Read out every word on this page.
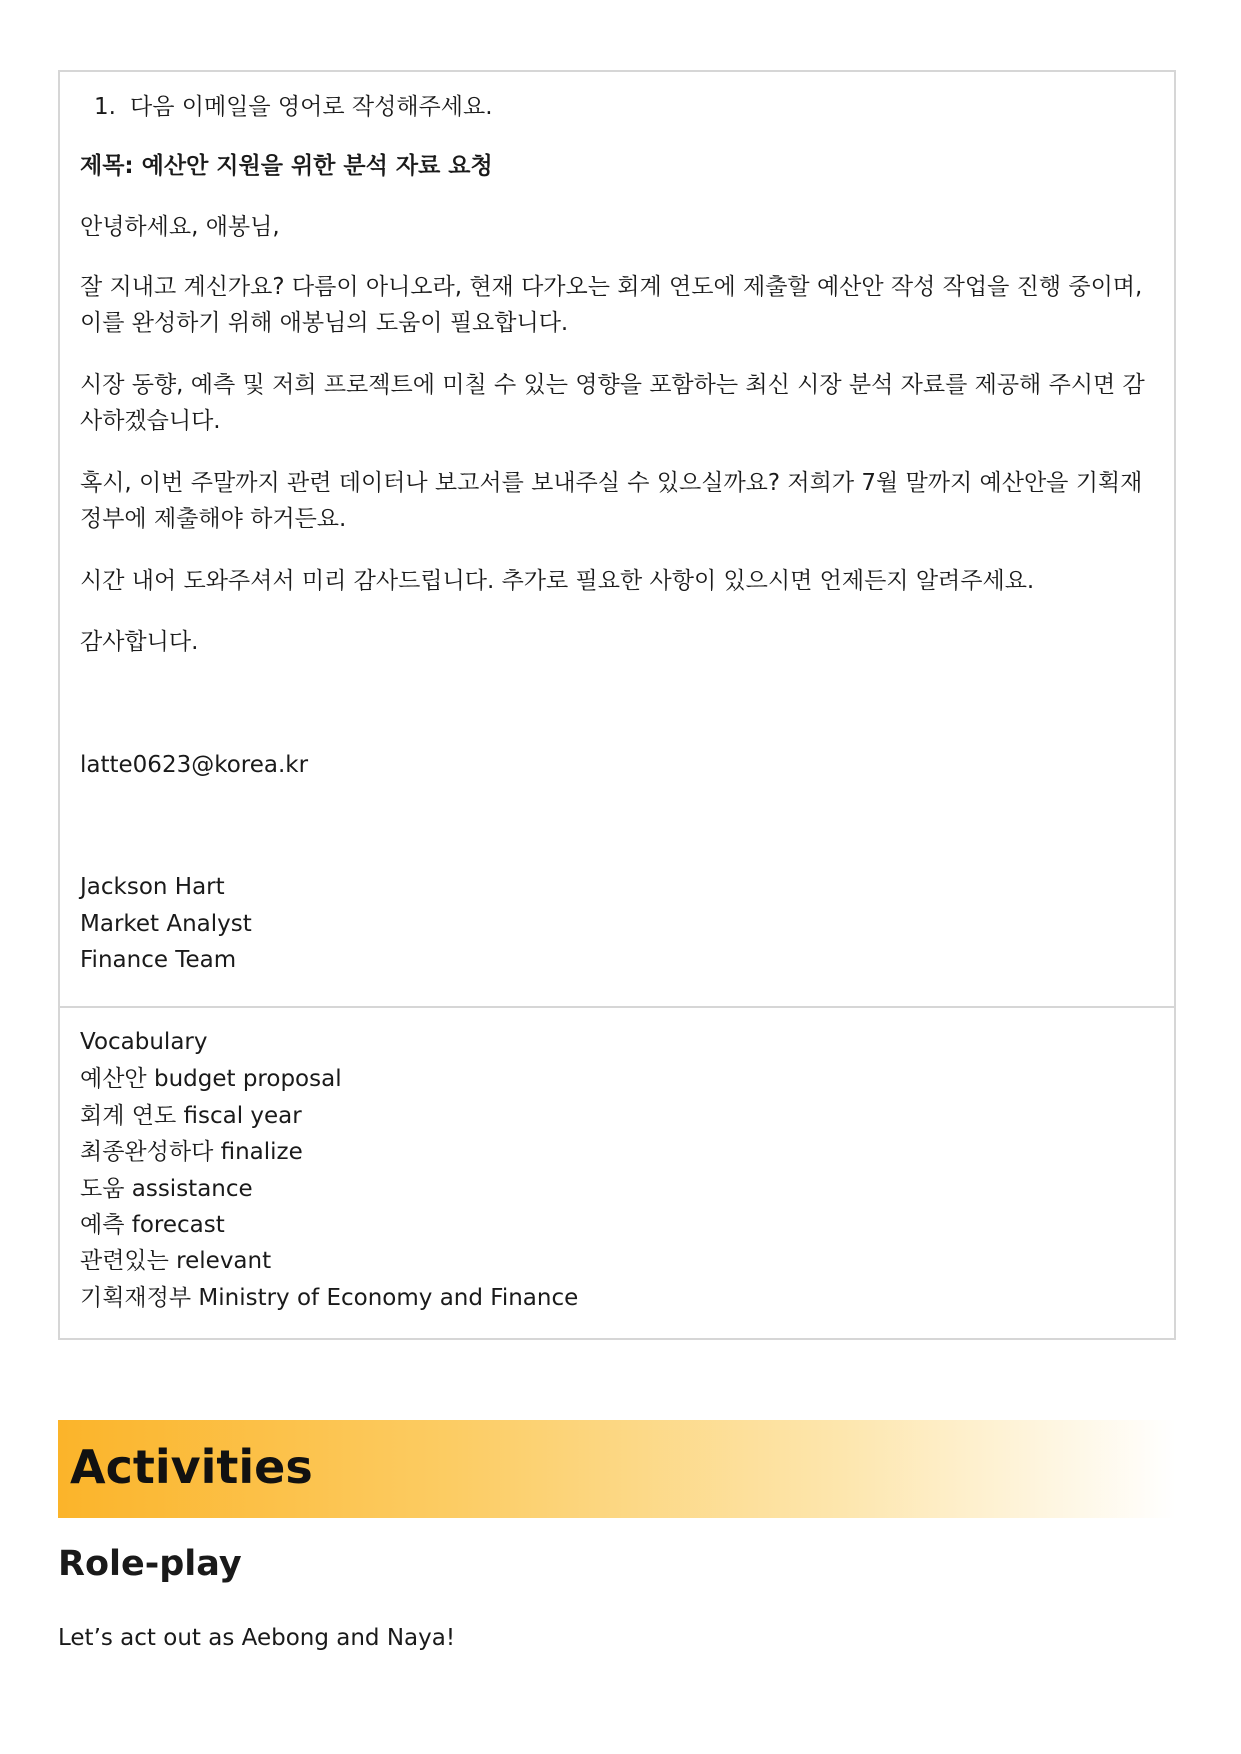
1. 다음 이메일을 영어로 작성해주세요.

제목: 예산안 지원을 위한 분석 자료 요청

안녕하세요, 애봉님,

잘 지내고 계신가요? 다름이 아니오라, 현재 다가오는 회계 연도에 제출할 예산안 작성 작업을 진행 중이며, 이를 완성하기 위해 애봉님의 도움이 필요합니다.

시장 동향, 예측 및 저희 프로젝트에 미칠 수 있는 영향을 포함하는 최신 시장 분석 자료를 제공해 주시면 감사하겠습니다.

혹시, 이번 주말까지 관련 데이터나 보고서를 보내주실 수 있으실까요? 저희가 7월 말까지 예산안을 기획재정부에 제출해야 하거든요.

시간 내어 도와주셔서 미리 감사드립니다. 추가로 필요한 사항이 있으시면 언제든지 알려주세요.

감사합니다.

latte0623@korea.kr

Jackson Hart

Market Analyst

Finance Team

Vocabulary

예산안 budget proposal

회계 연도 fiscal year

최종완성하다 finalize

도움 assistance

예측 forecast

관련있는 relevant

기획재정부 Ministry of Economy and Finance

Activities
Role-play
Let’s act out as Aebong and Naya!
